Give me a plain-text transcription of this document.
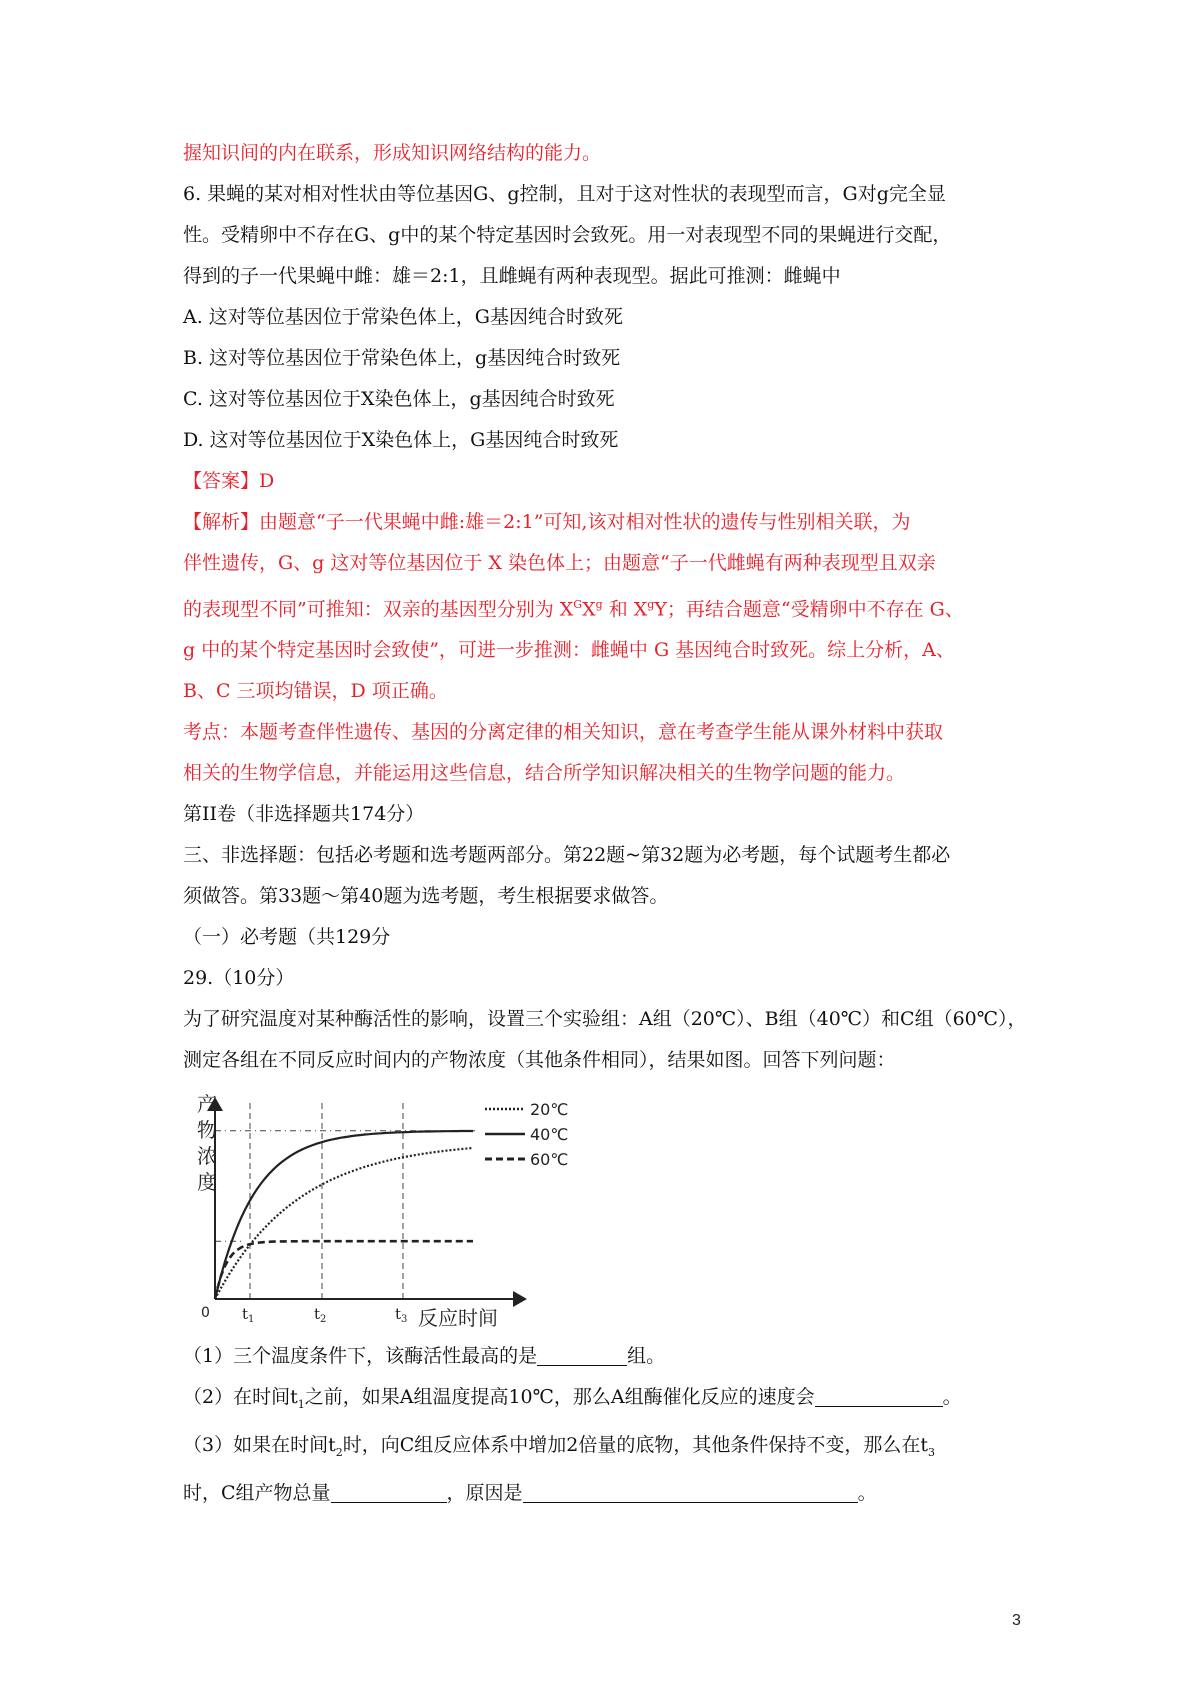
握知识间的内在联系，形成知识网络结构的能力。
6. 果蝇的某对相对性状由等位基因G、g控制，且对于这对性状的表现型而言，G对g完全显
性。受精卵中不存在G、g中的某个特定基因时会致死。用一对表现型不同的果蝇进行交配，
得到的子一代果蝇中雌：雄＝2:1，且雌蝇有两种表现型。据此可推测：雌蝇中
A. 这对等位基因位于常染色体上，G基因纯合时致死
B. 这对等位基因位于常染色体上，g基因纯合时致死
C. 这对等位基因位于X染色体上，g基因纯合时致死
D. 这对等位基因位于X染色体上，G基因纯合时致死
【答案】D
【解析】由题意“子一代果蝇中雌:雄＝2:1”可知,该对相对性状的遗传与性别相关联，为
伴性遗传，G、g 这对等位基因位于 X 染色体上；由题意“子一代雌蝇有两种表现型且双亲
的表现型不同”可推知：双亲的基因型分别为 $X^GX^g$ 和 $X^gY$；再结合题意“受精卵中不存在 G、
g 中的某个特定基因时会致使”，可进一步推测：雌蝇中 G 基因纯合时致死。综上分析，A、
B、C 三项均错误，D 项正确。
考点：本题考查伴性遗传、基因的分离定律的相关知识，意在考查学生能从课外材料中获取
相关的生物学信息，并能运用这些信息，结合所学知识解决相关的生物学问题的能力。
第II卷（非选择题共174分）
三、非选择题：包括必考题和选考题两部分。第22题~第32题为必考题，每个试题考生都必
须做答。第33题～第40题为选考题，考生根据要求做答。
（一）必考题（共129分
29.（10分）
为了研究温度对某种酶活性的影响，设置三个实验组：A组（20℃）、B组（40℃）和C组（60℃），
测定各组在不同反应时间内的产物浓度（其他条件相同），结果如图。回答下列问题：
产物浓度
0 $t_1$	$t_2$	$t_3$ 反应时间
20℃
40℃
60℃
（1）三个温度条件下，该酶活性最高的是	组。
（2）在时间$t_1$之前，如果A组温度提高10℃，那么A组酶催化反应的速度会	。
（3）如果在时间$t_2$时，向C组反应体系中增加2倍量的底物，其他条件保持不变，那么在$t_3$
时，C组产物总量	，原因是	。
3
